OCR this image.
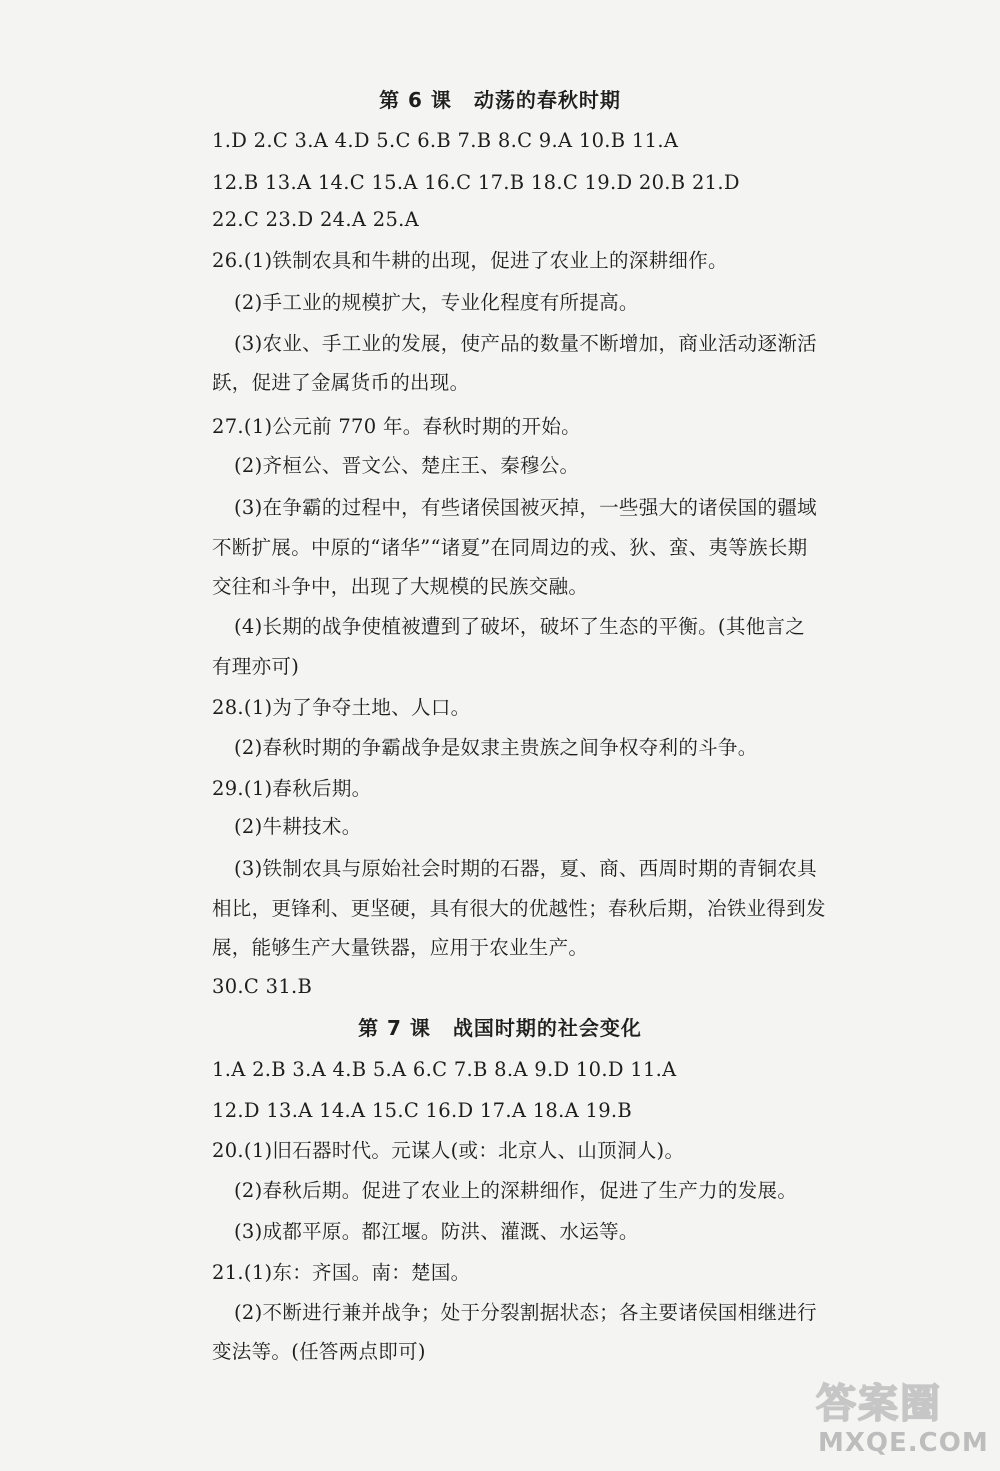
第 6 课 动荡的春秋时期
1.D 2.C 3.A 4.D 5.C 6.B 7.B 8.C 9.A 10.B 11.A
12.B 13.A 14.C 15.A 16.C 17.B 18.C 19.D 20.B 21.D
22.C 23.D 24.A 25.A
26.(1)铁制农具和牛耕的出现，促进了农业上的深耕细作。
(2)手工业的规模扩大，专业化程度有所提高。
(3)农业、手工业的发展，使产品的数量不断增加，商业活动逐渐活
跃，促进了金属货币的出现。
27.(1)公元前 770 年。春秋时期的开始。
(2)齐桓公、晋文公、楚庄王、秦穆公。
(3)在争霸的过程中，有些诸侯国被灭掉，一些强大的诸侯国的疆域
不断扩展。中原的“诸华”“诸夏”在同周边的戎、狄、蛮、夷等族长期
交往和斗争中，出现了大规模的民族交融。
(4)长期的战争使植被遭到了破坏，破坏了生态的平衡。(其他言之
有理亦可)
28.(1)为了争夺土地、人口。
(2)春秋时期的争霸战争是奴隶主贵族之间争权夺利的斗争。
29.(1)春秋后期。
(2)牛耕技术。
(3)铁制农具与原始社会时期的石器，夏、商、西周时期的青铜农具
相比，更锋利、更坚硬，具有很大的优越性；春秋后期，冶铁业得到发
展，能够生产大量铁器，应用于农业生产。
30.C 31.B
第 7 课 战国时期的社会变化
1.A 2.B 3.A 4.B 5.A 6.C 7.B 8.A 9.D 10.D 11.A
12.D 13.A 14.A 15.C 16.D 17.A 18.A 19.B
20.(1)旧石器时代。元谋人(或：北京人、山顶洞人)。
(2)春秋后期。促进了农业上的深耕细作，促进了生产力的发展。
(3)成都平原。都江堰。防洪、灌溉、水运等。
21.(1)东：齐国。南：楚国。
(2)不断进行兼并战争；处于分裂割据状态；各主要诸侯国相继进行
变法等。(任答两点即可)
答案圈
MXQE.COM
